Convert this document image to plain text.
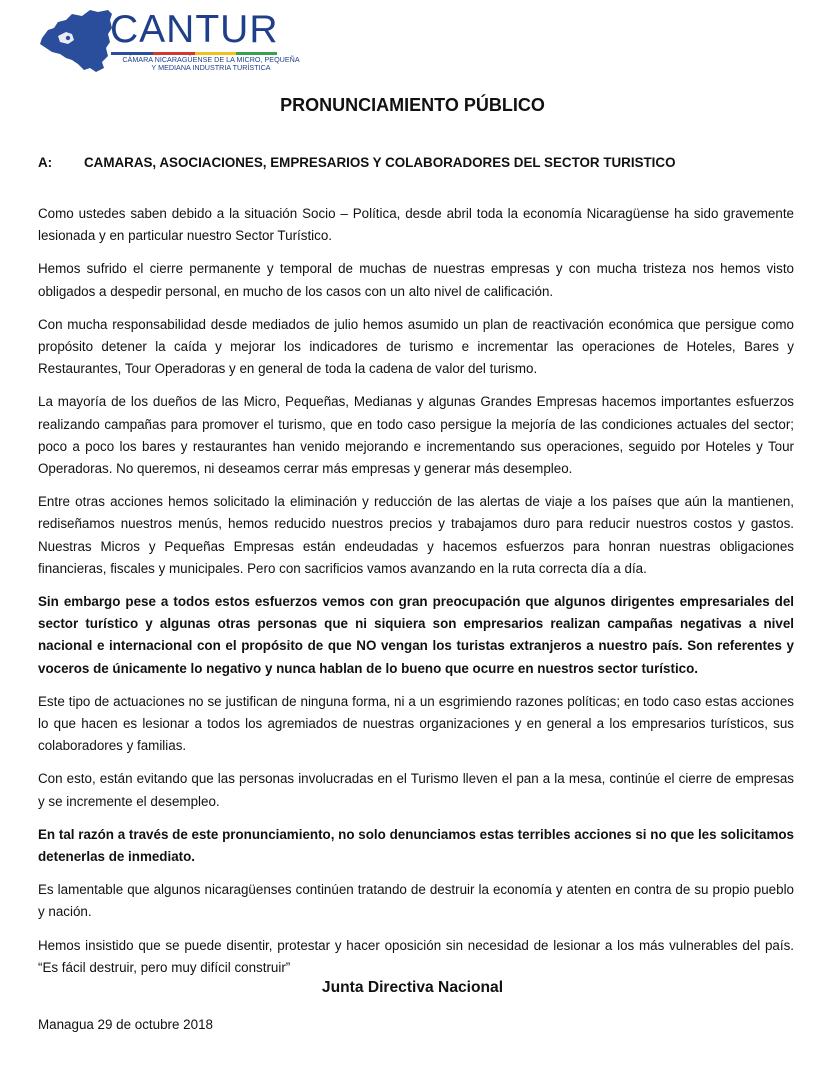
CANTUR
CÁMARA NICARAGÜENSE DE LA MICRO, PEQUEÑA
Y MEDIANA INDUSTRIA TURÍSTICA
PRONUNCIAMIENTO PÚBLICO
A: CAMARAS, ASOCIACIONES, EMPRESARIOS Y COLABORADORES DEL SECTOR TURISTICO

Como ustedes saben debido a la situación Socio – Política, desde abril toda la economía Nicaragüense ha sido gravemente lesionada y en particular nuestro Sector Turístico.

Hemos sufrido el cierre permanente y temporal de muchas de nuestras empresas y con mucha tristeza nos hemos visto obligados a despedir personal, en mucho de los casos con un alto nivel de calificación.

Con mucha responsabilidad desde mediados de julio hemos asumido un plan de reactivación económica que persigue como propósito detener la caída y mejorar los indicadores de turismo e incrementar las operaciones de Hoteles, Bares y Restaurantes, Tour Operadoras y en general de toda la cadena de valor del turismo.

La mayoría de los dueños de las Micro, Pequeñas, Medianas y algunas Grandes Empresas hacemos importantes esfuerzos realizando campañas para promover el turismo, que en todo caso persigue la mejoría de las condiciones actuales del sector; poco a poco los bares y restaurantes han venido mejorando e incrementando sus operaciones, seguido por Hoteles y Tour Operadoras. No queremos, ni deseamos cerrar más empresas y generar más desempleo.

Entre otras acciones hemos solicitado la eliminación y reducción de las alertas de viaje a los países que aún la mantienen, rediseñamos nuestros menús, hemos reducido nuestros precios y trabajamos duro para reducir nuestros costos y gastos. Nuestras Micros y Pequeñas Empresas están endeudadas y hacemos esfuerzos para honran nuestras obligaciones financieras, fiscales y municipales. Pero con sacrificios vamos avanzando en la ruta correcta día a día.

Sin embargo pese a todos estos esfuerzos vemos con gran preocupación que algunos dirigentes empresariales del sector turístico y algunas otras personas que ni siquiera son empresarios realizan campañas negativas a nivel nacional e internacional con el propósito de que NO vengan los turistas extranjeros a nuestro país. Son referentes y voceros de únicamente lo negativo y nunca hablan de lo bueno que ocurre en nuestros sector turístico.

Este tipo de actuaciones no se justifican de ninguna forma, ni a un esgrimiendo razones políticas; en todo caso estas acciones lo que hacen es lesionar a todos los agremiados de nuestras organizaciones y en general a los empresarios turísticos, sus colaboradores y familias.

Con esto, están evitando que las personas involucradas en el Turismo lleven el pan a la mesa, continúe el cierre de empresas y se incremente el desempleo.

En tal razón a través de este pronunciamiento, no solo denunciamos estas terribles acciones si no que les solicitamos detenerlas de inmediato.

Es lamentable que algunos nicaragüenses continúen tratando de destruir la economía y atenten en contra de su propio pueblo y nación.

Hemos insistido que se puede disentir, protestar y hacer oposición sin necesidad de lesionar a los más vulnerables del país. “Es fácil destruir, pero muy difícil construir”

Junta Directiva Nacional
Managua 29 de octubre 2018
